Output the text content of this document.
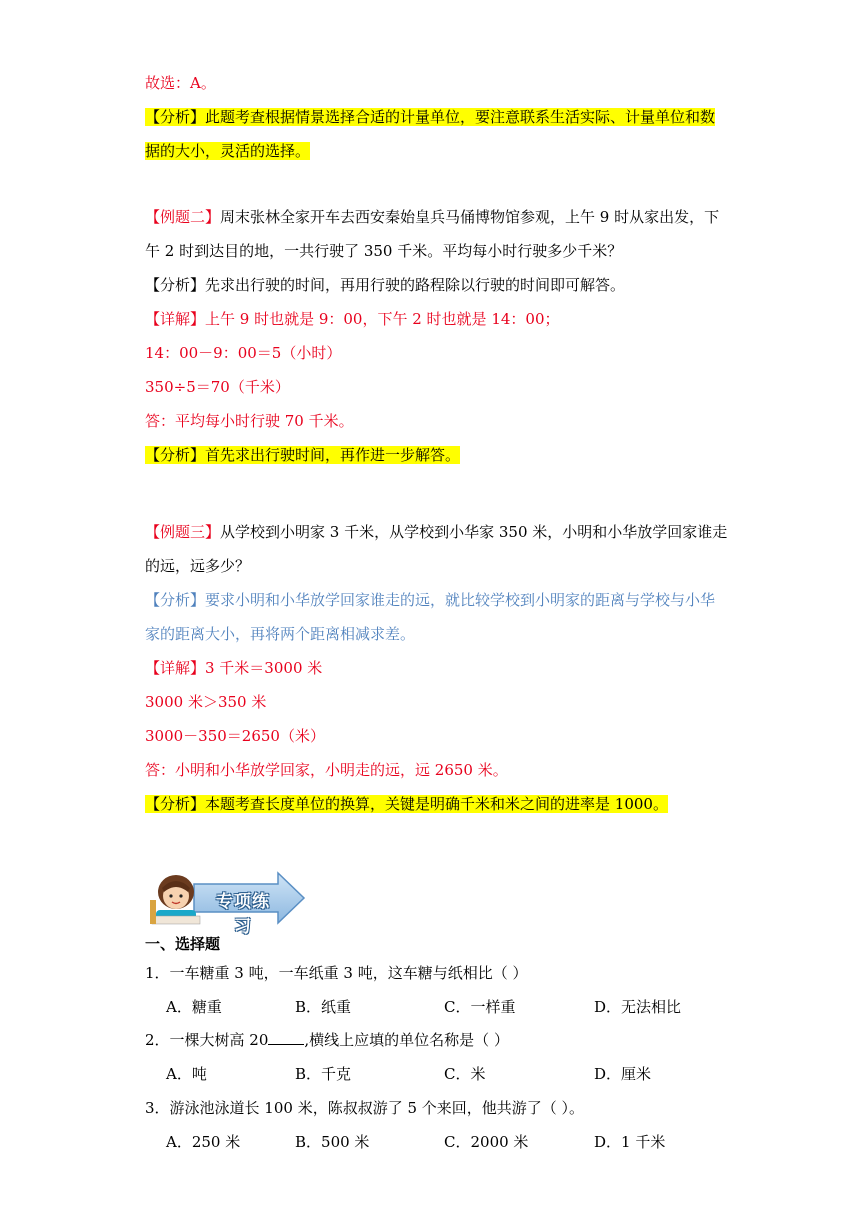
故选：A。
【分析】此题考查根据情景选择合适的计量单位，要注意联系生活实际、计量单位和数
据的大小，灵活的选择。
【例题二】周末张林全家开车去西安秦始皇兵马俑博物馆参观，上午 9 时从家出发，下
午 2 时到达目的地，一共行驶了 350 千米。平均每小时行驶多少千米？
【分析】先求出行驶的时间，再用行驶的路程除以行驶的时间即可解答。
【详解】上午 9 时也就是 9：00，下午 2 时也就是 14：00；
14：00－9：00＝5（小时）
350÷5＝70（千米）
答：平均每小时行驶 70 千米。
【分析】首先求出行驶时间，再作进一步解答。
【例题三】从学校到小明家 3 千米，从学校到小华家 350 米，小明和小华放学回家谁走
的远，远多少？
【分析】要求小明和小华放学回家谁走的远，就比较学校到小明家的距离与学校与小华
家的距离大小，再将两个距离相减求差。
【详解】3 千米＝3000 米
3000 米＞350 米
3000－350＝2650（米）
答：小明和小华放学回家，小明走的远，远 2650 米。
【分析】本题考查长度单位的换算，关键是明确千米和米之间的进率是 1000。
专项练习
一、选择题
1．一车糖重 3 吨，一车纸重 3 吨，这车糖与纸相比（ ）
A．糖重	B．纸重	C．一样重	D．无法相比
2．一棵大树高 20 ,横线上应填的单位名称是（ ）
A．吨	B．千克	C．米	D．厘米
3．游泳池泳道长 100 米，陈叔叔游了 5 个来回，他共游了（ ）。
A．250 米	B．500 米	C．2000 米	D．1 千米
